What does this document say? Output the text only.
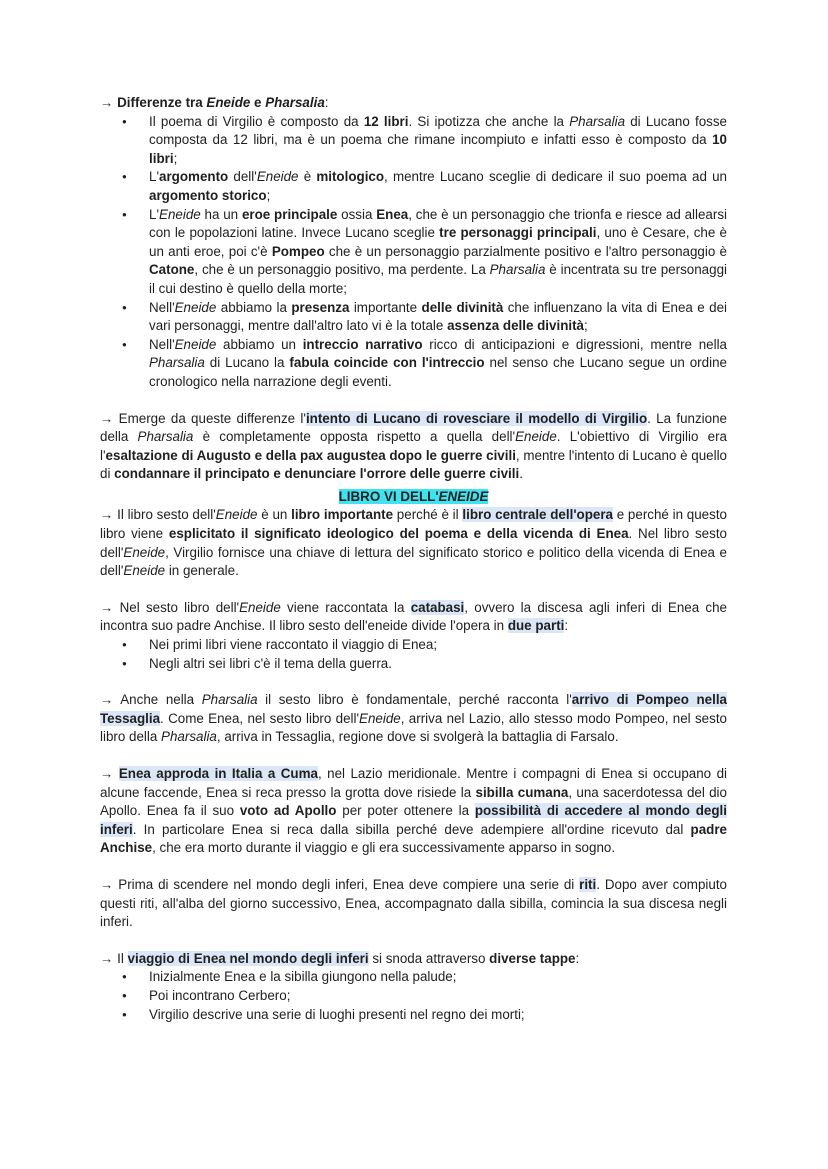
→ Differenze tra Eneide e Pharsalia:

● Il poema di Virgilio è composto da 12 libri. Si ipotizza che anche la Pharsalia di Lucano fosse composta da 12 libri, ma è un poema che rimane incompiuto e infatti esso è composto da 10 libri;
● L'argomento dell'Eneide è mitologico, mentre Lucano sceglie di dedicare il suo poema ad un argomento storico;
● L'Eneide ha un eroe principale ossia Enea, che è un personaggio che trionfa e riesce ad allearsi con le popolazioni latine. Invece Lucano sceglie tre personaggi principali, uno è Cesare, che è un anti eroe, poi c'è Pompeo che è un personaggio parzialmente positivo e l'altro personaggio è Catone, che è un personaggio positivo, ma perdente. La Pharsalia è incentrata su tre personaggi il cui destino è quello della morte;
● Nell'Eneide abbiamo la presenza importante delle divinità che influenzano la vita di Enea e dei vari personaggi, mentre dall'altro lato vi è la totale assenza delle divinità;
● Nell'Eneide abbiamo un intreccio narrativo ricco di anticipazioni e digressioni, mentre nella Pharsalia di Lucano la fabula coincide con l'intreccio nel senso che Lucano segue un ordine cronologico nella narrazione degli eventi.

→ Emerge da queste differenze l'intento di Lucano di rovesciare il modello di Virgilio. La funzione della Pharsalia è completamente opposta rispetto a quella dell'Eneide. L'obiettivo di Virgilio era l'esaltazione di Augusto e della pax augustea dopo le guerre civili, mentre l'intento di Lucano è quello di condannare il principato e denunciare l'orrore delle guerre civili.

LIBRO VI DELL'ENEIDE

→ Il libro sesto dell'Eneide è un libro importante perché è il libro centrale dell'opera e perché in questo libro viene esplicitato il significato ideologico del poema e della vicenda di Enea. Nel libro sesto dell'Eneide, Virgilio fornisce una chiave di lettura del significato storico e politico della vicenda di Enea e dell'Eneide in generale.

→ Nel sesto libro dell'Eneide viene raccontata la catabasi, ovvero la discesa agli inferi di Enea che incontra suo padre Anchise. Il libro sesto dell'eneide divide l'opera in due parti:

● Nei primi libri viene raccontato il viaggio di Enea;
● Negli altri sei libri c'è il tema della guerra.

→ Anche nella Pharsalia il sesto libro è fondamentale, perché racconta l'arrivo di Pompeo nella Tessaglia. Come Enea, nel sesto libro dell'Eneide, arriva nel Lazio, allo stesso modo Pompeo, nel sesto libro della Pharsalia, arriva in Tessaglia, regione dove si svolgerà la battaglia di Farsalo.

→ Enea approda in Italia a Cuma, nel Lazio meridionale. Mentre i compagni di Enea si occupano di alcune faccende, Enea si reca presso la grotta dove risiede la sibilla cumana, una sacerdotessa del dio Apollo. Enea fa il suo voto ad Apollo per poter ottenere la possibilità di accedere al mondo degli inferi. In particolare Enea si reca dalla sibilla perché deve adempiere all'ordine ricevuto dal padre Anchise, che era morto durante il viaggio e gli era successivamente apparso in sogno.

→ Prima di scendere nel mondo degli inferi, Enea deve compiere una serie di riti. Dopo aver compiuto questi riti, all'alba del giorno successivo, Enea, accompagnato dalla sibilla, comincia la sua discesa negli inferi.

→ Il viaggio di Enea nel mondo degli inferi si snoda attraverso diverse tappe:

● Inizialmente Enea e la sibilla giungono nella palude;
● Poi incontrano Cerbero;
● Virgilio descrive una serie di luoghi presenti nel regno dei morti;
